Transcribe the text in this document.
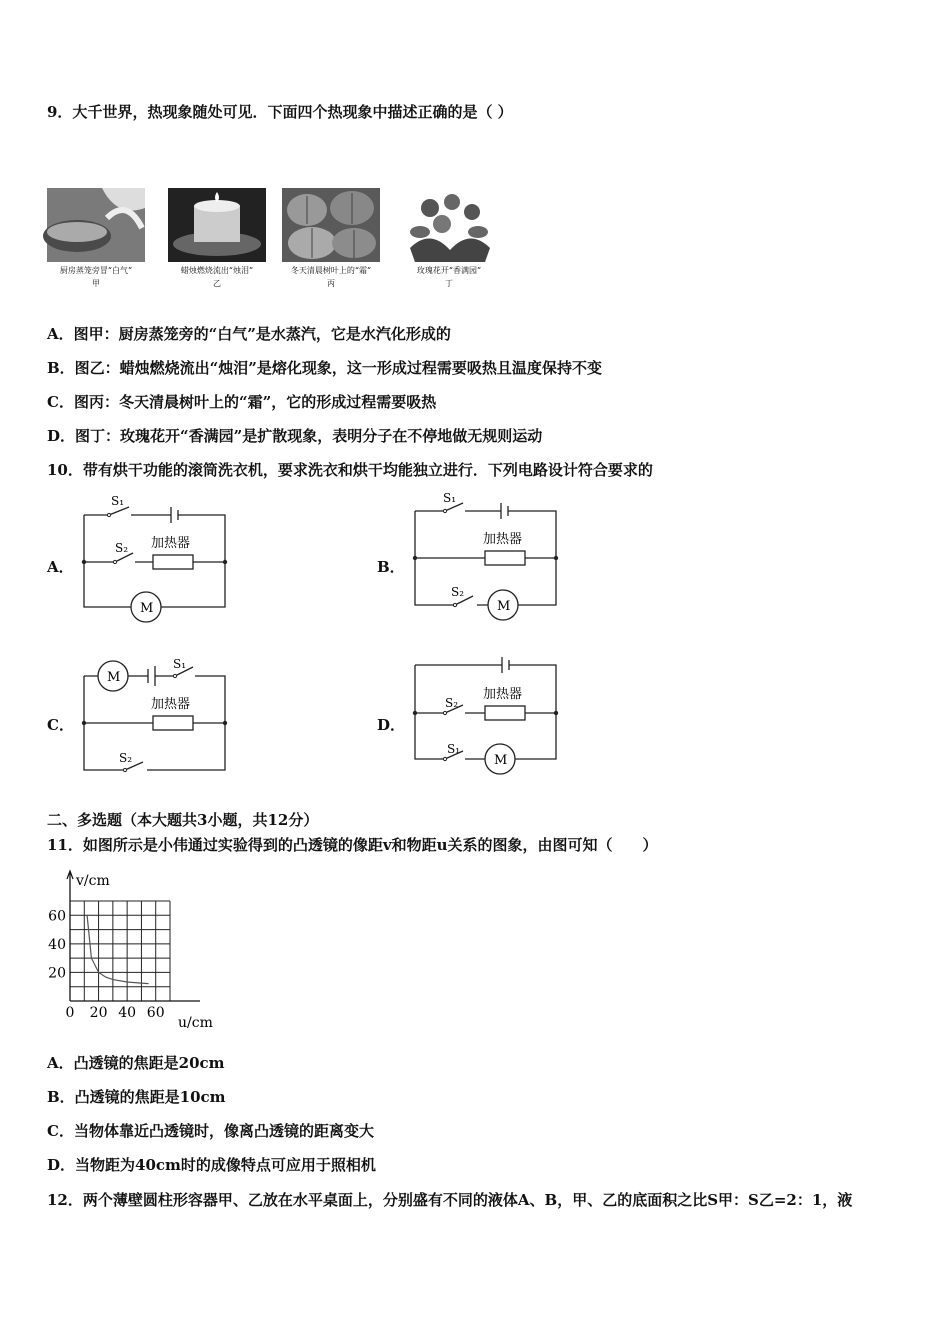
9．大千世界，热现象随处可见．下面四个热现象中描述正确的是（ ）
厨房蒸笼旁冒“白气”
甲
蜡烛燃烧流出“烛泪”
乙
冬天清晨树叶上的“霜”
丙
玫瑰花开“香满园”
丁
A．图甲：厨房蒸笼旁的“白气”是水蒸汽，它是水汽化形成的
B．图乙：蜡烛燃烧流出“烛泪”是熔化现象，这一形成过程需要吸热且温度保持不变
C．图丙：冬天清晨树叶上的“霜”，它的形成过程需要吸热
D．图丁：玫瑰花开“香满园”是扩散现象，表明分子在不停地做无规则运动
10．带有烘干功能的滚筒洗衣机，要求洗衣和烘干均能独立进行．下列电路设计符合要求的
A．
S₁
S₂ 加热器
M
B．
S₁
S₂
加热器
M
C．
S₁
S₂
加热器
M
D．
S₂
S₁
加热器
M
二、多选题（本大题共3小题，共12分）
11．如图所示是小伟通过实验得到的凸透镜的像距v和物距u关系的图象，由图可知（　　）
0 20 40 60
20
40
60
v/cm
u/cm
A．凸透镜的焦距是20cm
B．凸透镜的焦距是10cm
C．当物体靠近凸透镜时，像离凸透镜的距离变大
D．当物距为40cm时的成像特点可应用于照相机
12．两个薄壁圆柱形容器甲、乙放在水平桌面上，分别盛有不同的液体A、B，甲、乙的底面积之比S甲：S乙=2：1，液
